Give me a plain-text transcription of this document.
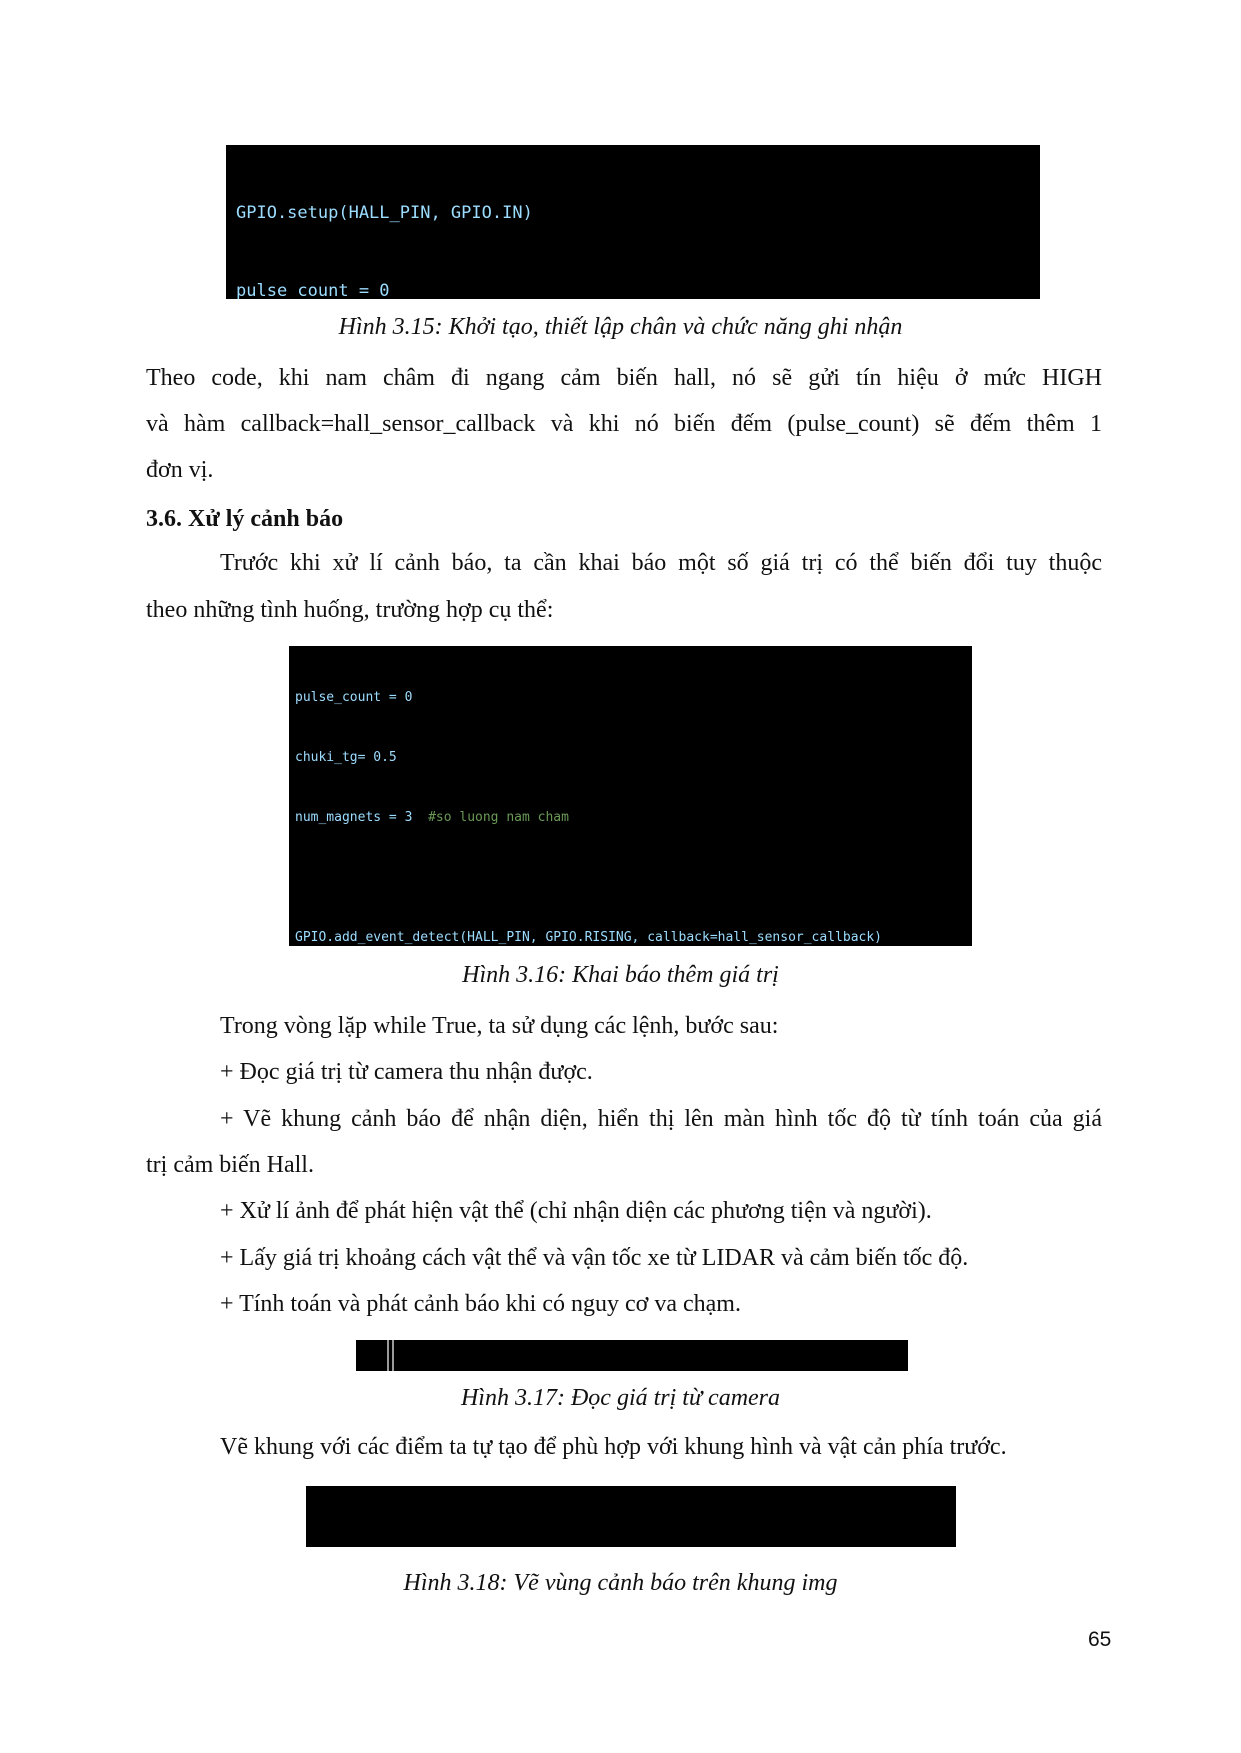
GPIO.setup(HALL_PIN, GPIO.IN)

pulse_count = 0

Hình 3.15: Khởi tạo, thiết lập chân và chức năng ghi nhận
Theo code, khi nam châm đi ngang cảm biến hall, nó sẽ gửi tín hiệu ở mức HIGH
và hàm callback=hall_sensor_callback và khi nó biến đếm (pulse_count) sẽ đếm thêm 1
đơn vị.
3.6. Xử lý cảnh báo
Trước khi xử lí cảnh báo, ta cần khai báo một số giá trị có thể biến đổi tuy thuộc
theo những tình huống, trường hợp cụ thể:

pulse_count = 0

chuki_tg= 0.5

num_magnets = 3  #so luong nam cham

GPIO.add_event_detect(HALL_PIN, GPIO.RISING, callback=hall_sensor_callback)

Hình 3.16: Khai báo thêm giá trị
Trong vòng lặp while True, ta sử dụng các lệnh, bước sau:
+ Đọc giá trị từ camera thu nhận được.
+ Vẽ khung cảnh báo để nhận diện, hiển thị lên màn hình tốc độ từ tính toán của giá
trị cảm biến Hall.
+ Xử lí ảnh để phát hiện vật thể (chỉ nhận diện các phương tiện và người).
+ Lấy giá trị khoảng cách vật thể và vận tốc xe từ LIDAR và cảm biến tốc độ.
+ Tính toán và phát cảnh báo khi có nguy cơ va chạm.

Hình 3.17: Đọc giá trị từ camera
Vẽ khung với các điểm ta tự tạo để phù hợp với khung hình và vật cản phía trước.

Hình 3.18: Vẽ vùng cảnh báo trên khung img
65
